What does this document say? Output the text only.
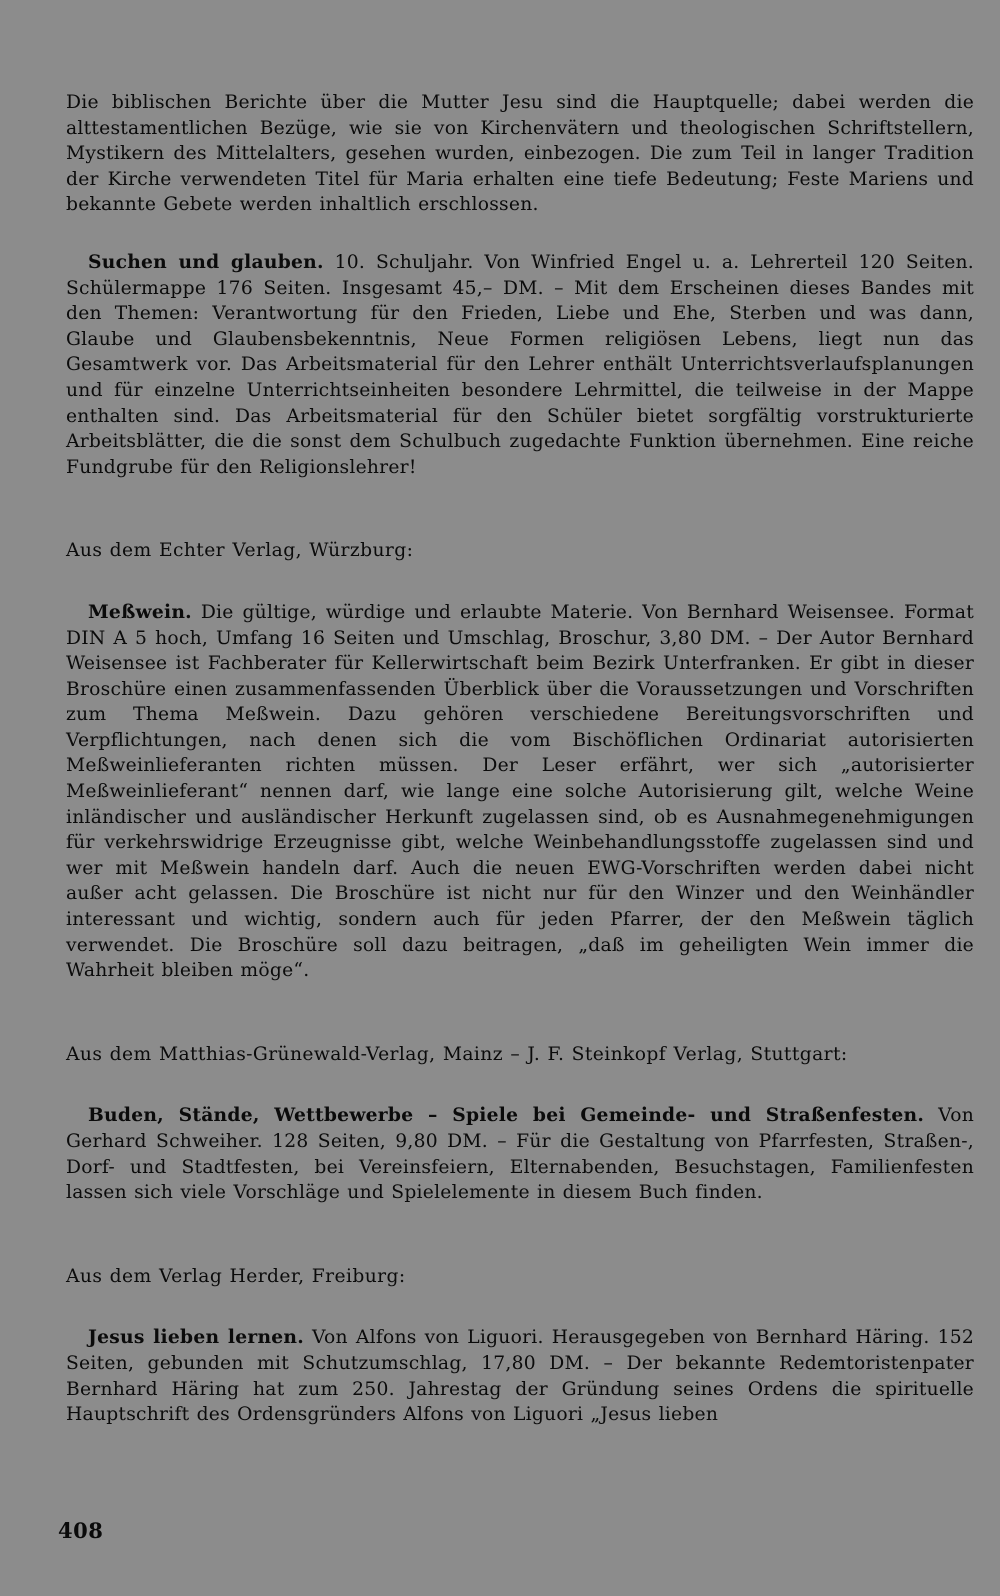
Die biblischen Berichte über die Mutter Jesu sind die Hauptquelle; dabei werden die alttestamentlichen Bezüge, wie sie von Kirchenvätern und theologischen Schriftstellern, Mystikern des Mittelalters, gesehen wurden, einbezogen. Die zum Teil in langer Tradition der Kirche verwendeten Titel für Maria erhalten eine tiefe Bedeutung; Feste Mariens und bekannte Gebete werden inhaltlich erschlossen.

Suchen und glauben. 10. Schuljahr. Von Winfried Engel u. a. Lehrerteil 120 Seiten. Schülermappe 176 Seiten. Insgesamt 45,– DM. – Mit dem Erscheinen dieses Bandes mit den Themen: Verantwortung für den Frieden, Liebe und Ehe, Sterben und was dann, Glaube und Glaubensbekenntnis, Neue Formen religiösen Lebens, liegt nun das Gesamtwerk vor. Das Arbeitsmaterial für den Lehrer enthält Unterrichtsverlaufsplanungen und für einzelne Unterrichtseinheiten besondere Lehrmittel, die teilweise in der Mappe enthalten sind. Das Arbeitsmaterial für den Schüler bietet sorgfältig vorstrukturierte Arbeitsblätter, die die sonst dem Schulbuch zugedachte Funktion übernehmen. Eine reiche Fundgrube für den Religionslehrer!

Aus dem Echter Verlag, Würzburg:

Meßwein. Die gültige, würdige und erlaubte Materie. Von Bernhard Weisensee. Format DIN A 5 hoch, Umfang 16 Seiten und Umschlag, Broschur, 3,80 DM. – Der Autor Bernhard Weisensee ist Fachberater für Kellerwirtschaft beim Bezirk Unterfranken. Er gibt in dieser Broschüre einen zusammenfassenden Überblick über die Voraussetzungen und Vorschriften zum Thema Meßwein. Dazu gehören verschiedene Bereitungsvorschriften und Verpflichtungen, nach denen sich die vom Bischöflichen Ordinariat autorisierten Meßweinlieferanten richten müssen. Der Leser erfährt, wer sich „autorisierter Meßweinlieferant“ nennen darf, wie lange eine solche Autorisierung gilt, welche Weine inländischer und ausländischer Herkunft zugelassen sind, ob es Ausnahmegenehmigungen für verkehrswidrige Erzeugnisse gibt, welche Weinbehandlungsstoffe zugelassen sind und wer mit Meßwein handeln darf. Auch die neuen EWG-Vorschriften werden dabei nicht außer acht gelassen. Die Broschüre ist nicht nur für den Winzer und den Weinhändler interessant und wichtig, sondern auch für jeden Pfarrer, der den Meßwein täglich verwendet. Die Broschüre soll dazu beitragen, „daß im geheiligten Wein immer die Wahrheit bleiben möge“.

Aus dem Matthias-Grünewald-Verlag, Mainz – J. F. Steinkopf Verlag, Stuttgart:

Buden, Stände, Wettbewerbe – Spiele bei Gemeinde- und Straßenfesten. Von Gerhard Schweiher. 128 Seiten, 9,80 DM. – Für die Gestaltung von Pfarrfesten, Straßen-, Dorf- und Stadtfesten, bei Vereinsfeiern, Elternabenden, Besuchstagen, Familienfesten lassen sich viele Vorschläge und Spielelemente in diesem Buch finden.

Aus dem Verlag Herder, Freiburg:

Jesus lieben lernen. Von Alfons von Liguori. Herausgegeben von Bernhard Häring. 152 Seiten, gebunden mit Schutzumschlag, 17,80 DM. – Der bekannte Redemtoristenpater Bernhard Häring hat zum 250. Jahrestag der Gründung seines Ordens die spirituelle Hauptschrift des Ordensgründers Alfons von Liguori „Jesus lieben

408
